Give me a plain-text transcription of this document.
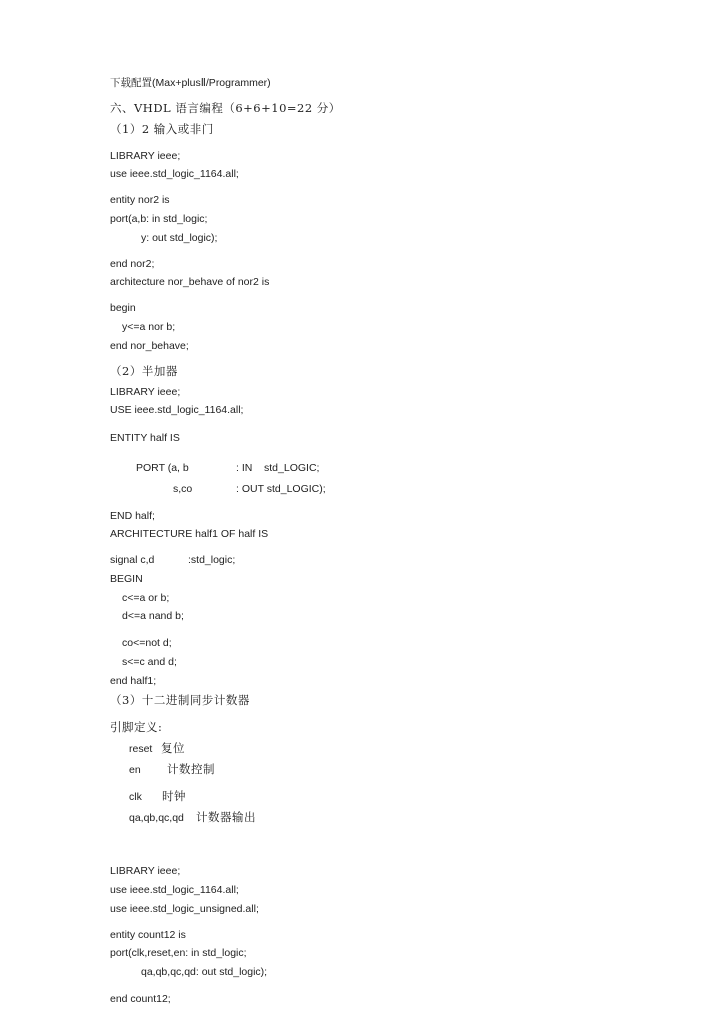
下载配置(Max+plusⅡ/Programmer)
六、VHDL 语言编程（6+6+10=22 分）
（1）2 输入或非门
LIBRARY ieee;
use ieee.std_logic_1164.all;
entity nor2 is
port(a,b: in std_logic;
y: out std_logic);
end nor2;
architecture nor_behave of nor2 is
begin
y<=a nor b;
end nor_behave;
（2）半加器
LIBRARY ieee;
USE ieee.std_logic_1164.all;
ENTITY half IS
PORT (a, b	: IN    std_LOGIC;
s,co	: OUT std_LOGIC);
END half;
ARCHITECTURE half1 OF half IS
signal c,d	:std_logic;
BEGIN
c<=a or b;
d<=a nand b;
co<=not d;
s<=c and d;
end half1;
（3）十二进制同步计数器
引脚定义:
reset 复位
en 计数控制
clk 时钟
qa,qb,qc,qd 计数器输出
LIBRARY ieee;
use ieee.std_logic_1164.all;
use ieee.std_logic_unsigned.all;
entity count12 is
port(clk,reset,en: in std_logic;
qa,qb,qc,qd: out std_logic);
end count12;
